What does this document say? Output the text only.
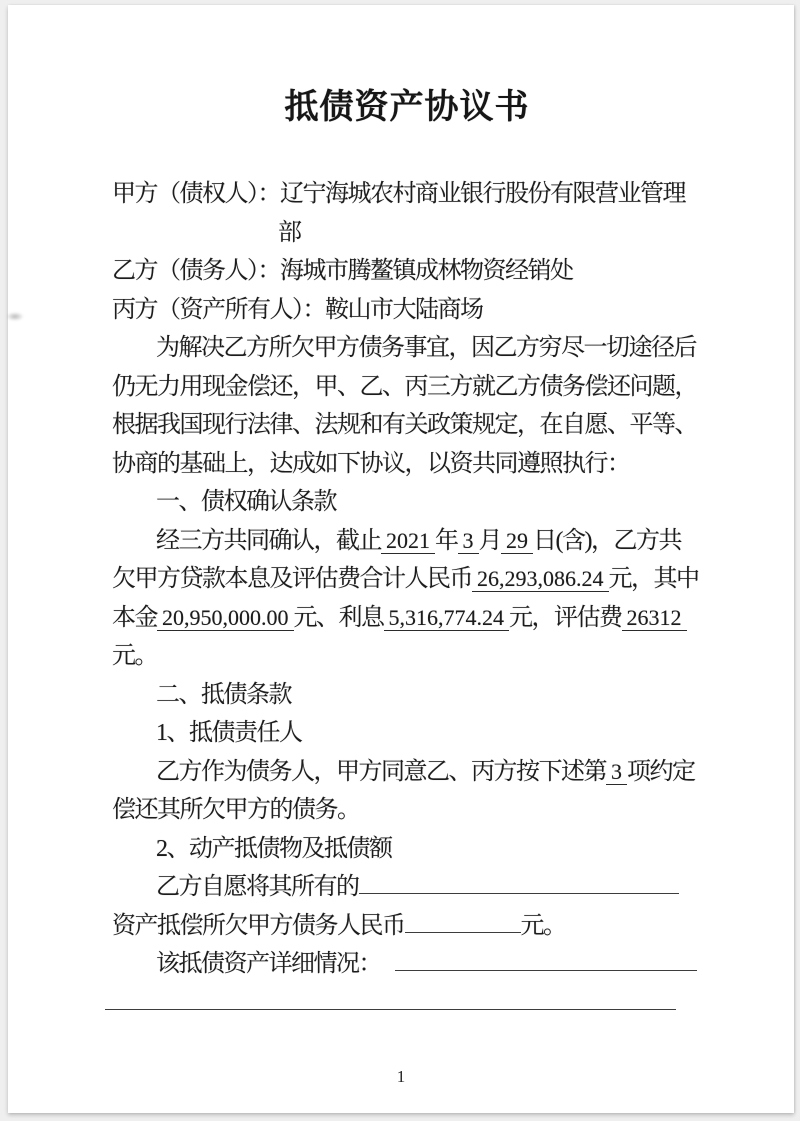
抵债资产协议书
甲方（债权人）：辽宁海城农村商业银行股份有限营业管理
部
乙方（债务人）：海城市腾鳌镇成林物资经销处
丙方（资产所有人）：鞍山市大陆商场
为解决乙方所欠甲方债务事宜，因乙方穷尽一切途径后
仍无力用现金偿还，甲、乙、丙三方就乙方债务偿还问题，
根据我国现行法律、法规和有关政策规定，在自愿、平等、
协商的基础上，达成如下协议，以资共同遵照执行：
一、债权确认条款
经三方共同确认，截止 2021 年 3 月 29 日(含)，乙方共
欠甲方贷款本息及评估费合计人民币 26,293,086.24 元，其中
本金 20,950,000.00 元、利息 5,316,774.24 元，评估费 26312
元。
二、抵债条款
1、抵债责任人
乙方作为债务人，甲方同意乙、丙方按下述第 3 项约定
偿还其所欠甲方的债务。
2、动产抵债物及抵债额
乙方自愿将其所有的
资产抵偿所欠甲方债务人民币	元。
该抵债资产详细情况：
1
